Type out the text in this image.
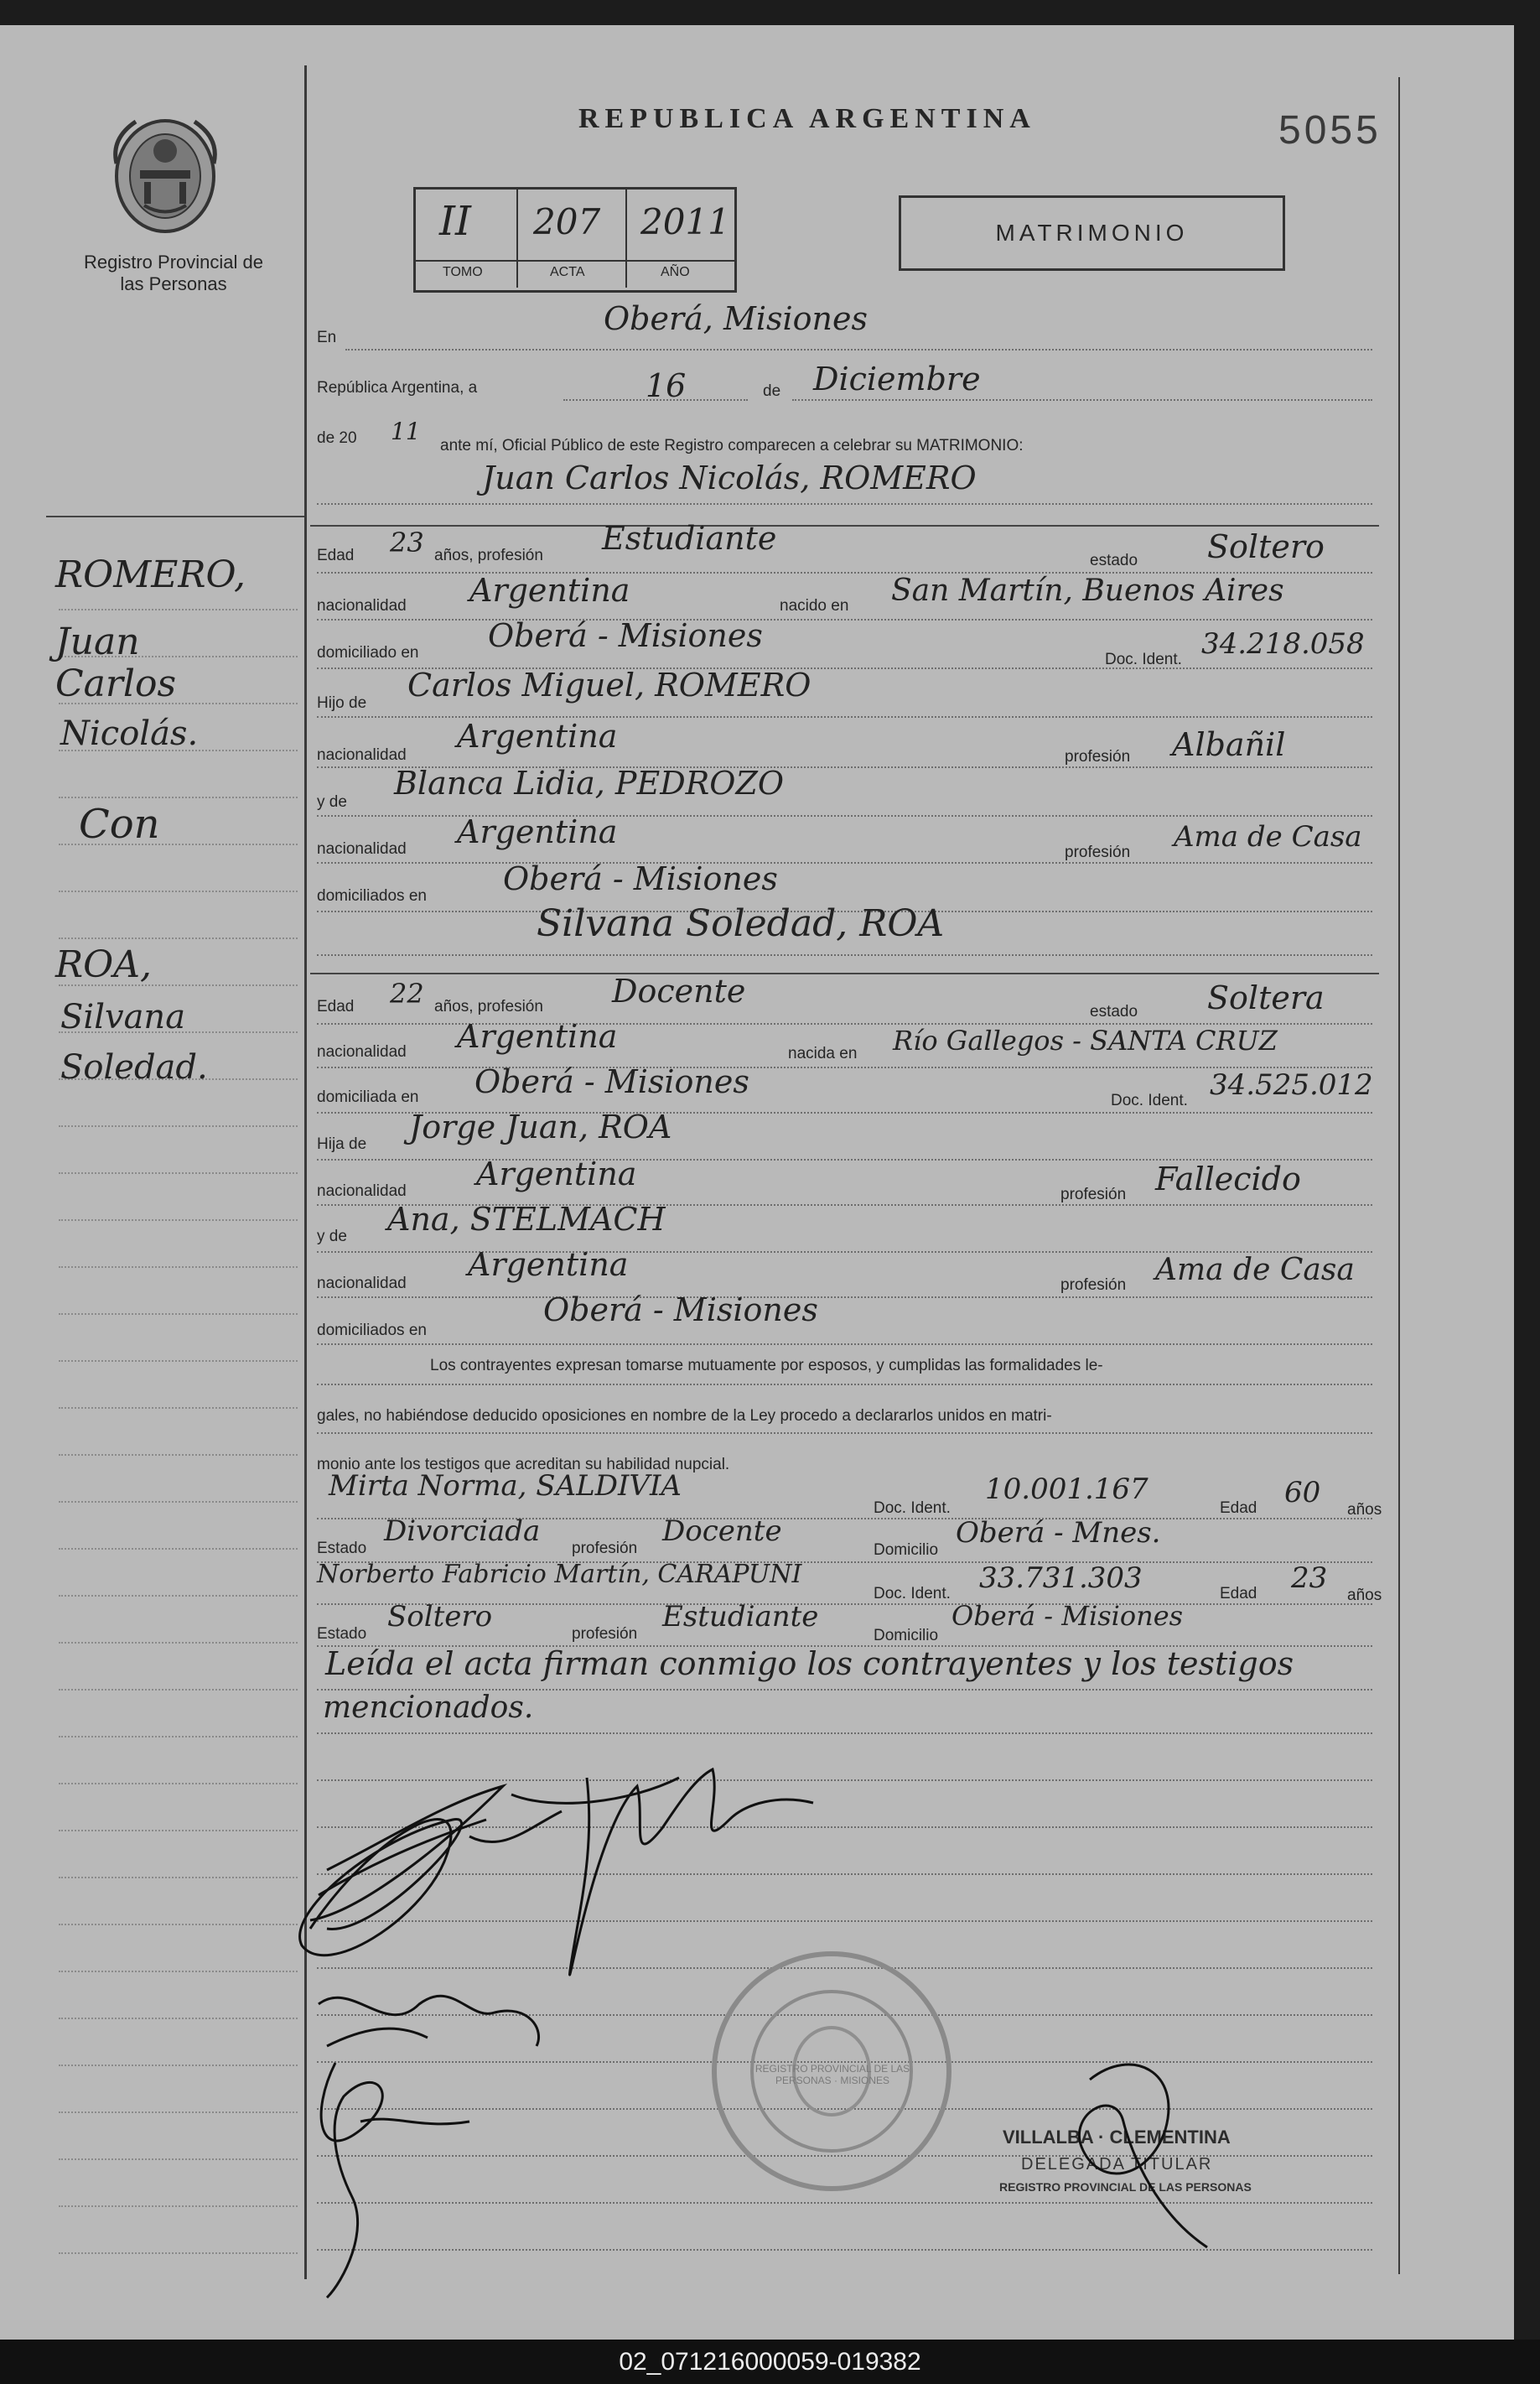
Registro Provincial de las Personas
REPUBLICA ARGENTINA	5055
II 207 2011
TOMO	ACTA	AÑO
MATRIMONIO
En
Oberá, Misiones
República Argentina, a	16	de Diciembre
de 20 11
ante mí, Oficial Público de este Registro comparecen a celebrar su MATRIMONIO:
Juan Carlos Nicolás, ROMERO
Edad 23 años, profesión Estudiante
estado Soltero
nacionalidad Argentina	nacido en San Martín, Buenos Aires
domiciliado en Oberá - Misiones
Doc. Ident. 34.218.058
Hijo de Carlos Miguel, ROMERO
nacionalidad
Argentina
profesión Albañil
y de
Blanca Lidia, PEDROZO
nacionalidad Argentina
profesión Ama de Casa
domiciliados en Oberá - Misiones
Silvana Soledad, ROA
Edad 22 años, profesión Docente
estado Soltera
nacionalidad Argentina	nacida en Río Gallegos - SANTA CRUZ
domiciliada en Oberá - Misiones
Doc. Ident. 34.525.012
Hija de Jorge Juan, ROA
nacionalidad Argentina
profesión Fallecido
y de Ana, STELMACH
nacionalidad
Argentina
profesión Ama de Casa
domiciliados en
Oberá - Misiones
Los contrayentes expresan tomarse mutuamente por esposos, y cumplidas las formalidades le-
gales, no habiéndose deducido oposiciones en nombre de la Ley procedo a declararlos unidos en matri-
monio ante los testigos que acreditan su habilidad nupcial.
Mirta Norma, SALDIVIA
Doc. Ident.
10.001.167
Edad 60
años
Estado
Divorciada
profesión
Docente
Domicilio
Oberá - Mnes.
Norberto Fabricio Martín, CARAPUNI
Doc. Ident. 33.731.303	Edad 23
años
Estado
Soltero
profesión
Estudiante
Domicilio
Oberá - Misiones
Leída el acta firman conmigo los contrayentes y los testigos
mencionados.
REGISTRO PROVINCIAL DE LAS PERSONAS · MISIONES
VILLALBA · CLEMENTINA
DELEGADA TITULAR
REGISTRO PROVINCIAL DE LAS PERSONAS
ROMERO,
Juan
Carlos
Nicolás.
Con
ROA,
Silvana
Soledad.
02_071216000059-019382
